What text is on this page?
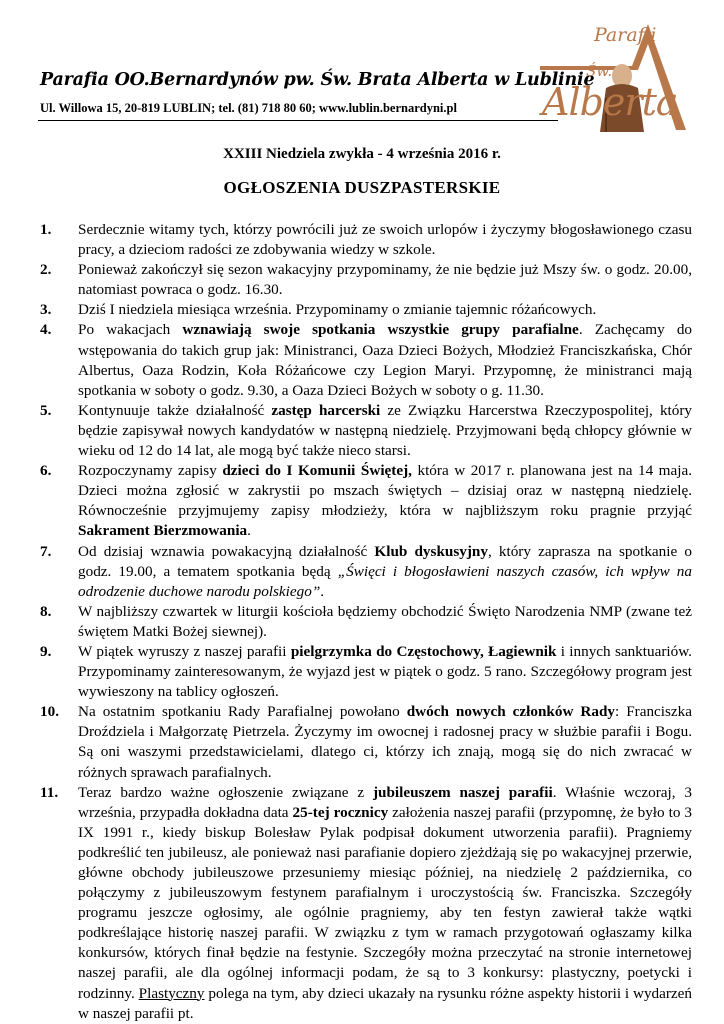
Parafia OO.Bernardynów pw. Św. Brata Alberta w Lublinie
Ul. Willowa 15, 20-819 LUBLIN; tel. (81) 718 80 60; www.lublin.bernardyni.pl
Parafii
Św.
Alberta
XXIII Niedziela zwykła - 4 września 2016 r.
OGŁOSZENIA DUSZPASTERSKIE
1.	Serdecznie witamy tych, którzy powrócili już ze swoich urlopów i życzymy błogosławionego czasu pracy, a dzieciom radości ze zdobywania wiedzy w szkole.
2.	Ponieważ zakończył się sezon wakacyjny przypominamy, że nie będzie już Mszy św. o godz. 20.00, natomiast powraca o godz. 16.30.
3.	Dziś I niedziela miesiąca września. Przypominamy o zmianie tajemnic różańcowych.
4.	Po wakacjach wznawiają swoje spotkania wszystkie grupy parafialne. Zachęcamy do wstępowania do takich grup jak: Ministranci, Oaza Dzieci Bożych, Młodzież Franciszkańska, Chór Albertus, Oaza Rodzin, Koła Różańcowe czy Legion Maryi. Przypomnę, że ministranci mają spotkania w soboty o godz. 9.30, a Oaza Dzieci Bożych w soboty o g. 11.30.
5.	Kontynuuje także działalność zastęp harcerski ze Związku Harcerstwa Rzeczypospolitej, który będzie zapisywał nowych kandydatów w następną niedzielę. Przyjmowani będą chłopcy głównie w wieku od 12 do 14 lat, ale mogą być także nieco starsi.
6.	Rozpoczynamy zapisy dzieci do I Komunii Świętej, która w 2017 r. planowana jest na 14 maja. Dzieci można zgłosić w zakrystii po mszach świętych – dzisiaj oraz w następną niedzielę. Równocześnie przyjmujemy zapisy młodzieży, która w najbliższym roku pragnie przyjąć Sakrament Bierzmowania.
7.	Od dzisiaj wznawia powakacyjną działalność Klub dyskusyjny, który zaprasza na spotkanie o godz. 19.00, a tematem spotkania będą „Święci i błogosławieni naszych czasów, ich wpływ na odrodzenie duchowe narodu polskiego”.
8.	W najbliższy czwartek w liturgii kościoła będziemy obchodzić Święto Narodzenia NMP (zwane też świętem Matki Bożej siewnej).
9.	W piątek wyruszy z naszej parafii pielgrzymka do Częstochowy, Łagiewnik i innych sanktuariów. Przypominamy zainteresowanym, że wyjazd jest w piątek o godz. 5 rano. Szczegółowy program jest wywieszony na tablicy ogłoszeń.
10.	Na ostatnim spotkaniu Rady Parafialnej powołano dwóch nowych członków Rady: Franciszka Droździela i Małgorzatę Pietrzela. Życzymy im owocnej i radosnej pracy w służbie parafii i Bogu. Są oni waszymi przedstawicielami, dlatego ci, którzy ich znają, mogą się do nich zwracać w różnych sprawach parafialnych.
11.	Teraz bardzo ważne ogłoszenie związane z jubileuszem naszej parafii. Właśnie wczoraj, 3 września, przypadła dokładna data 25-tej rocznicy założenia naszej parafii (przypomnę, że było to 3 IX 1991 r., kiedy biskup Bolesław Pylak podpisał dokument utworzenia parafii). Pragniemy podkreślić ten jubileusz, ale ponieważ nasi parafianie dopiero zjeżdżają się po wakacyjnej przerwie, główne obchody jubileuszowe przesuniemy miesiąc później, na niedzielę 2 października, co połączymy z jubileuszowym festynem parafialnym i uroczystością św. Franciszka. Szczegóły programu jeszcze ogłosimy, ale ogólnie pragniemy, aby ten festyn zawierał także wątki podkreślające historię naszej parafii. W związku z tym w ramach przygotowań ogłaszamy kilka konkursów, których finał będzie na festynie. Szczegóły można przeczytać na stronie internetowej naszej parafii, ale dla ogólnej informacji podam, że są to 3 konkursy: plastyczny, poetycki i rodzinny. Plastyczny polega na tym, aby dzieci ukazały na rysunku różne aspekty historii i wydarzeń w naszej parafii pt.
